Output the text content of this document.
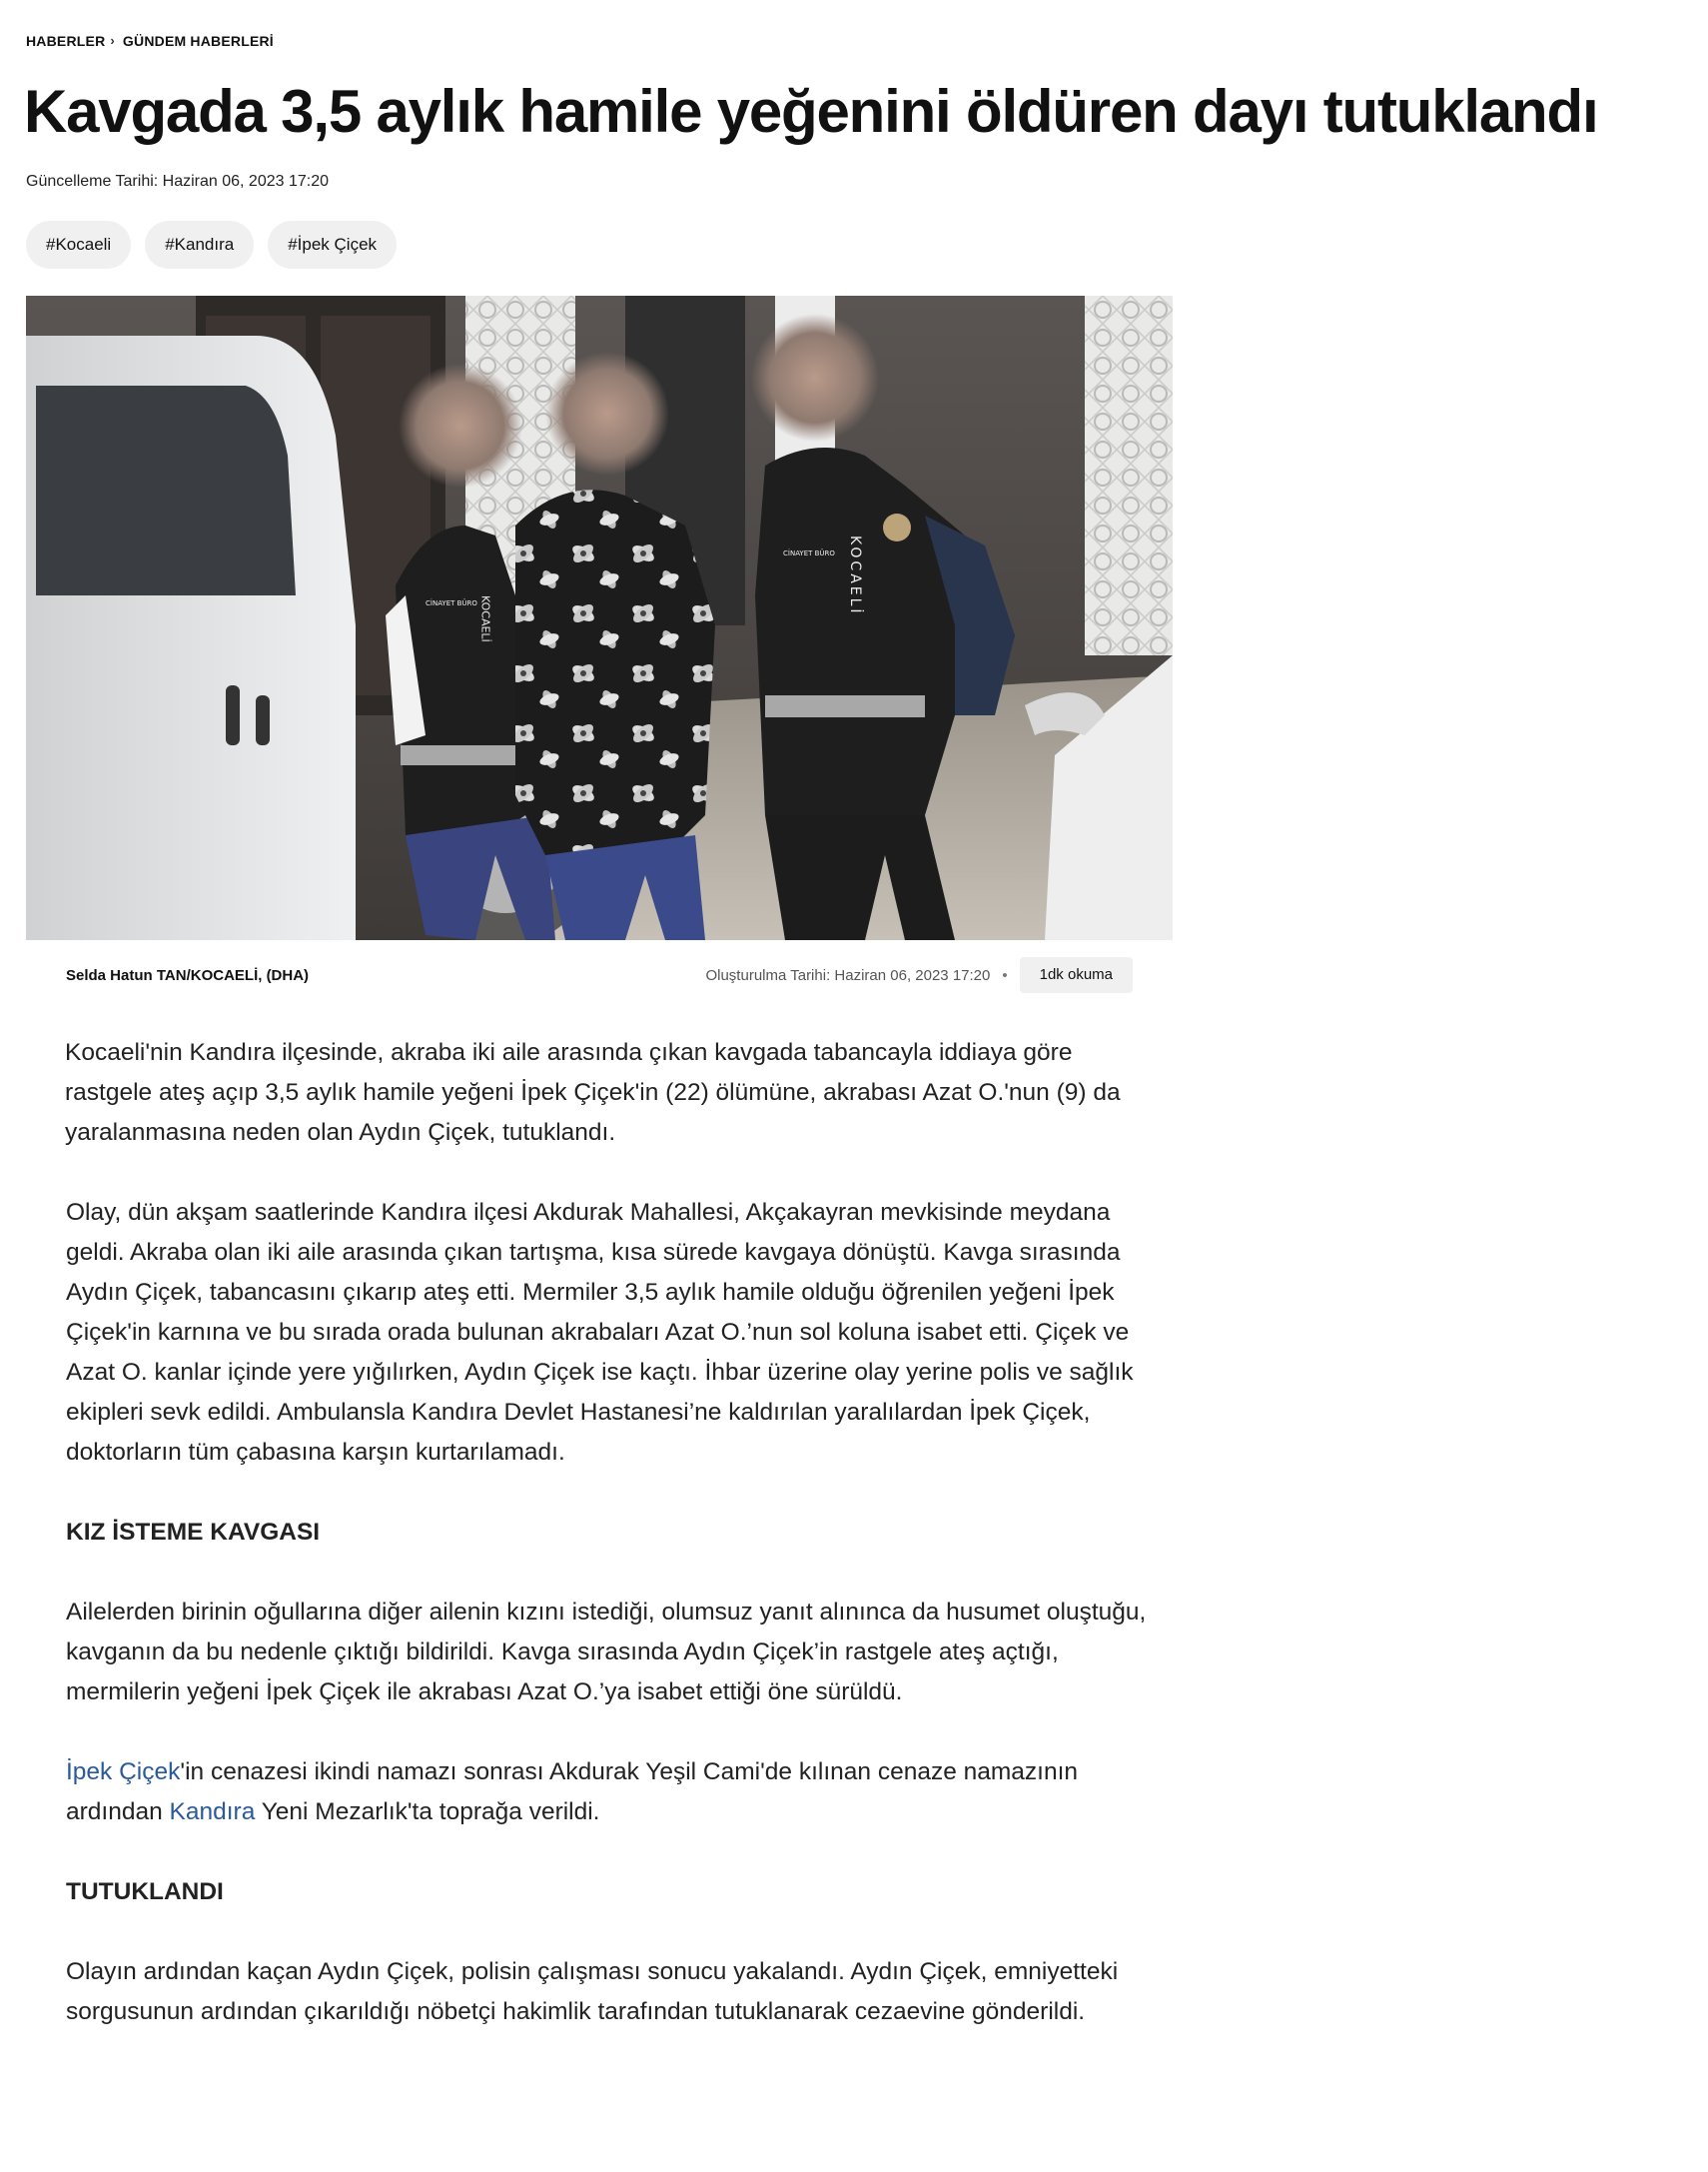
HABERLER › GÜNDEM HABERLERİ
Kavgada 3,5 aylık hamile yeğenini öldüren dayı tutuklandı
Güncelleme Tarihi: Haziran 06, 2023 17:20
#Kocaeli	#Kandıra	#İpek Çiçek
KOCAELİ
CİNAYET BÜRO	KOCAELİ
CİNAYET BÜRO
Selda Hatun TAN/KOCAELİ, (DHA)	Oluşturulma Tarihi: Haziran 06, 2023 17:20 •	1dk okuma

Kocaeli'nin Kandıra ilçesinde, akraba iki aile arasında çıkan kavgada tabancayla iddiaya göre rastgele ateş açıp 3,5 aylık hamile yeğeni İpek Çiçek'in (22) ölümüne, akrabası Azat O.'nun (9) da yaralanmasına neden olan Aydın Çiçek, tutuklandı.

Olay, dün akşam saatlerinde Kandıra ilçesi Akdurak Mahallesi, Akçakayran mevkisinde meydana geldi. Akraba olan iki aile arasında çıkan tartışma, kısa sürede kavgaya dönüştü. Kavga sırasında Aydın Çiçek, tabancasını çıkarıp ateş etti. Mermiler 3,5 aylık hamile olduğu öğrenilen yeğeni İpek Çiçek'in karnına ve bu sırada orada bulunan akrabaları Azat O.’nun sol koluna isabet etti. Çiçek ve Azat O. kanlar içinde yere yığılırken, Aydın Çiçek ise kaçtı. İhbar üzerine olay yerine polis ve sağlık ekipleri sevk edildi. Ambulansla Kandıra Devlet Hastanesi’ne kaldırılan yaralılardan İpek Çiçek, doktorların tüm çabasına karşın kurtarılamadı.

KIZ İSTEME KAVGASI

Ailelerden birinin oğullarına diğer ailenin kızını istediği, olumsuz yanıt alınınca da husumet oluştuğu, kavganın da bu nedenle çıktığı bildirildi. Kavga sırasında Aydın Çiçek’in rastgele ateş açtığı, mermilerin yeğeni İpek Çiçek ile akrabası Azat O.’ya isabet ettiği öne sürüldü.

İpek Çiçek'in cenazesi ikindi namazı sonrası Akdurak Yeşil Cami'de kılınan cenaze namazının ardından Kandıra Yeni Mezarlık'ta toprağa verildi.

TUTUKLANDI

Olayın ardından kaçan Aydın Çiçek, polisin çalışması sonucu yakalandı. Aydın Çiçek, emniyetteki sorgusunun ardından çıkarıldığı nöbetçi hakimlik tarafından tutuklanarak cezaevine gönderildi.
